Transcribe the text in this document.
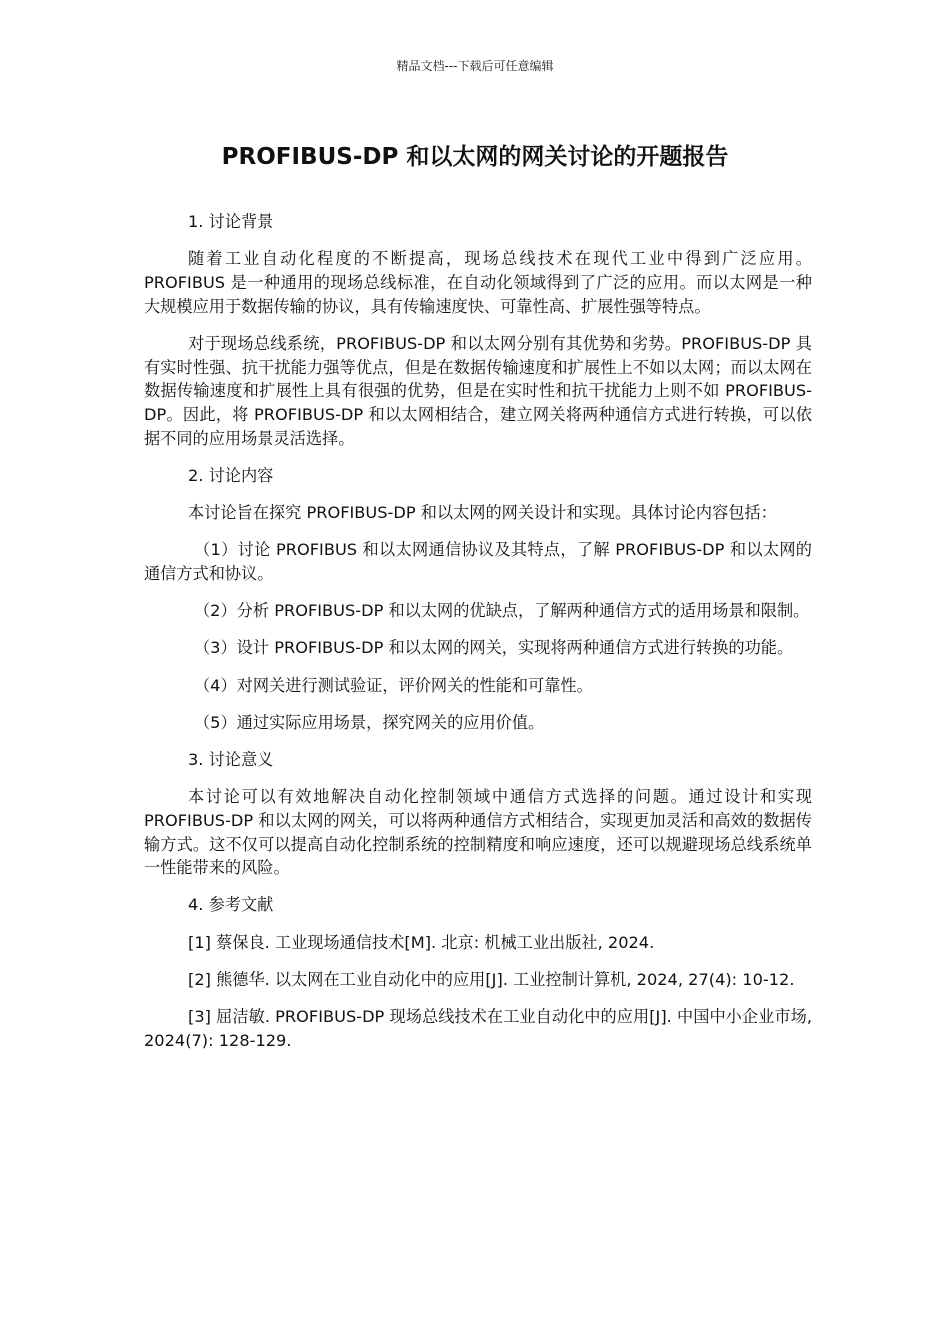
精品文档---下载后可任意编辑
PROFIBUS-DP 和以太网的网关讨论的开题报告

1. 讨论背景

随着工业自动化程度的不断提高，现场总线技术在现代工业中得到广泛应用。PROFIBUS 是一种通用的现场总线标准，在自动化领域得到了广泛的应用。而以太网是一种大规模应用于数据传输的协议，具有传输速度快、可靠性高、扩展性强等特点。

对于现场总线系统，PROFIBUS-DP 和以太网分别有其优势和劣势。PROFIBUS-DP 具有实时性强、抗干扰能力强等优点，但是在数据传输速度和扩展性上不如以太网；而以太网在数据传输速度和扩展性上具有很强的优势，但是在实时性和抗干扰能力上则不如 PROFIBUS-DP。因此，将 PROFIBUS-DP 和以太网相结合，建立网关将两种通信方式进行转换，可以依据不同的应用场景灵活选择。

2. 讨论内容

本讨论旨在探究 PROFIBUS-DP 和以太网的网关设计和实现。具体讨论内容包括：

（1）讨论 PROFIBUS 和以太网通信协议及其特点，了解 PROFIBUS-DP 和以太网的通信方式和协议。

（2）分析 PROFIBUS-DP 和以太网的优缺点，了解两种通信方式的适用场景和限制。

（3）设计 PROFIBUS-DP 和以太网的网关，实现将两种通信方式进行转换的功能。

（4）对网关进行测试验证，评价网关的性能和可靠性。

（5）通过实际应用场景，探究网关的应用价值。

3. 讨论意义

本讨论可以有效地解决自动化控制领域中通信方式选择的问题。通过设计和实现 PROFIBUS-DP 和以太网的网关，可以将两种通信方式相结合，实现更加灵活和高效的数据传输方式。这不仅可以提高自动化控制系统的控制精度和响应速度，还可以规避现场总线系统单一性能带来的风险。

4. 参考文献

[1] 蔡保良. 工业现场通信技术[M]. 北京: 机械工业出版社, 2024.

[2] 熊德华. 以太网在工业自动化中的应用[J]. 工业控制计算机, 2024, 27(4): 10-12.

[3] 屈洁敏. PROFIBUS-DP 现场总线技术在工业自动化中的应用[J]. 中国中小企业市场, 2024(7): 128-129.
